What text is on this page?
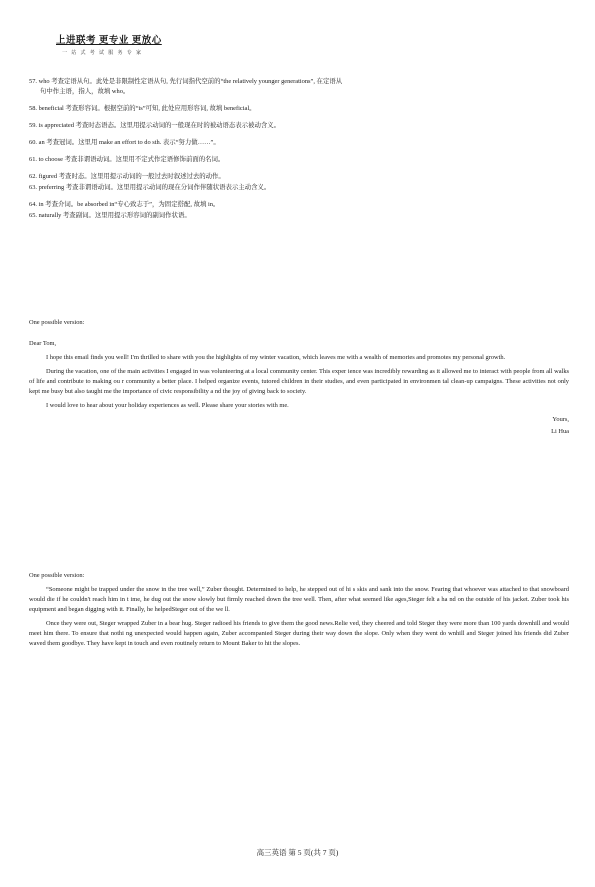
上进联考 更专业 更放心
一 站 式 考 试 服 务 专 家
57. who 考查定语从句。此处是非限制性定语从句, 先行词指代空前的“the relatively younger generations”, 在定语从
句中作主语，指人，故填 who。
58. beneficial 考查形容词。根据空前的“is”可知, 此处应用形容词, 故填 beneficial。
59. is appreciated 考查时态语态。这里用提示动词的一般现在时的被动语态表示被动含义。
60. an 考查冠词。这里用 make an effort to do sth. 表示“努力做……”。
61. to choose 考查非谓语动词。这里用不定式作定语修饰前面的名词。
62. figured 考查时态。这里用提示动词的一般过去时叙述过去的动作。
63. preferring 考查非谓语动词。这里用提示动词的现在分词作伴随状语表示主动含义。
64. in 考查介词。be absorbed in“专心致志于”，为固定搭配, 故填 in。
65. naturally 考查副词。这里用提示形容词的副词作状语。
One possible version:
Dear Tom,
I hope this email finds you well! I'm thrilled to share with you the highlights of my winter vacation, which leaves me with a wealth of memories and promotes my personal growth.
During the vacation, one of the main activities I engaged in was volunteering at a local community center. This exper ience was incredibly rewarding as it allowed me to interact with people from all walks of life and contribute to making ou r community a better place. I helped organize events, tutored children in their studies, and even participated in environmen tal clean-up campaigns. These activities not only kept me busy but also taught me the importance of civic responsibility a nd the joy of giving back to society.
I would love to hear about your holiday experiences as well. Please share your stories with me.
Yours,
Li Hua
One possible version:
“Someone might be trapped under the snow in the tree well,” Zuber thought. Determined to help, he stepped out of hi s skis and sank into the snow. Fearing that whoever was attached to that snowboard would die if he couldn't reach him in t ime, he dug out the snow slowly but firmly reached down the tree well. Then, after what seemed like ages,Steger felt a ha nd on the outside of his jacket. Zuber took his equipment and began digging with it. Finally, he helpedSteger out of the we ll.
Once they were out, Steger wrapped Zuber in a bear hug. Steger radioed his friends to give them the good news.Relie ved, they cheered and told Steger they were more than 100 yards downhill and would meet him there. To ensure that nothi ng unexpected would happen again, Zuber accompanied Steger during their way down the slope. Only when they went do wnhill and Steger joined his friends did Zuber waved them goodbye. They have kept in touch and even routinely return to Mount Baker to hit the slopes.
高三英语 第 5 页(共 7 页)
